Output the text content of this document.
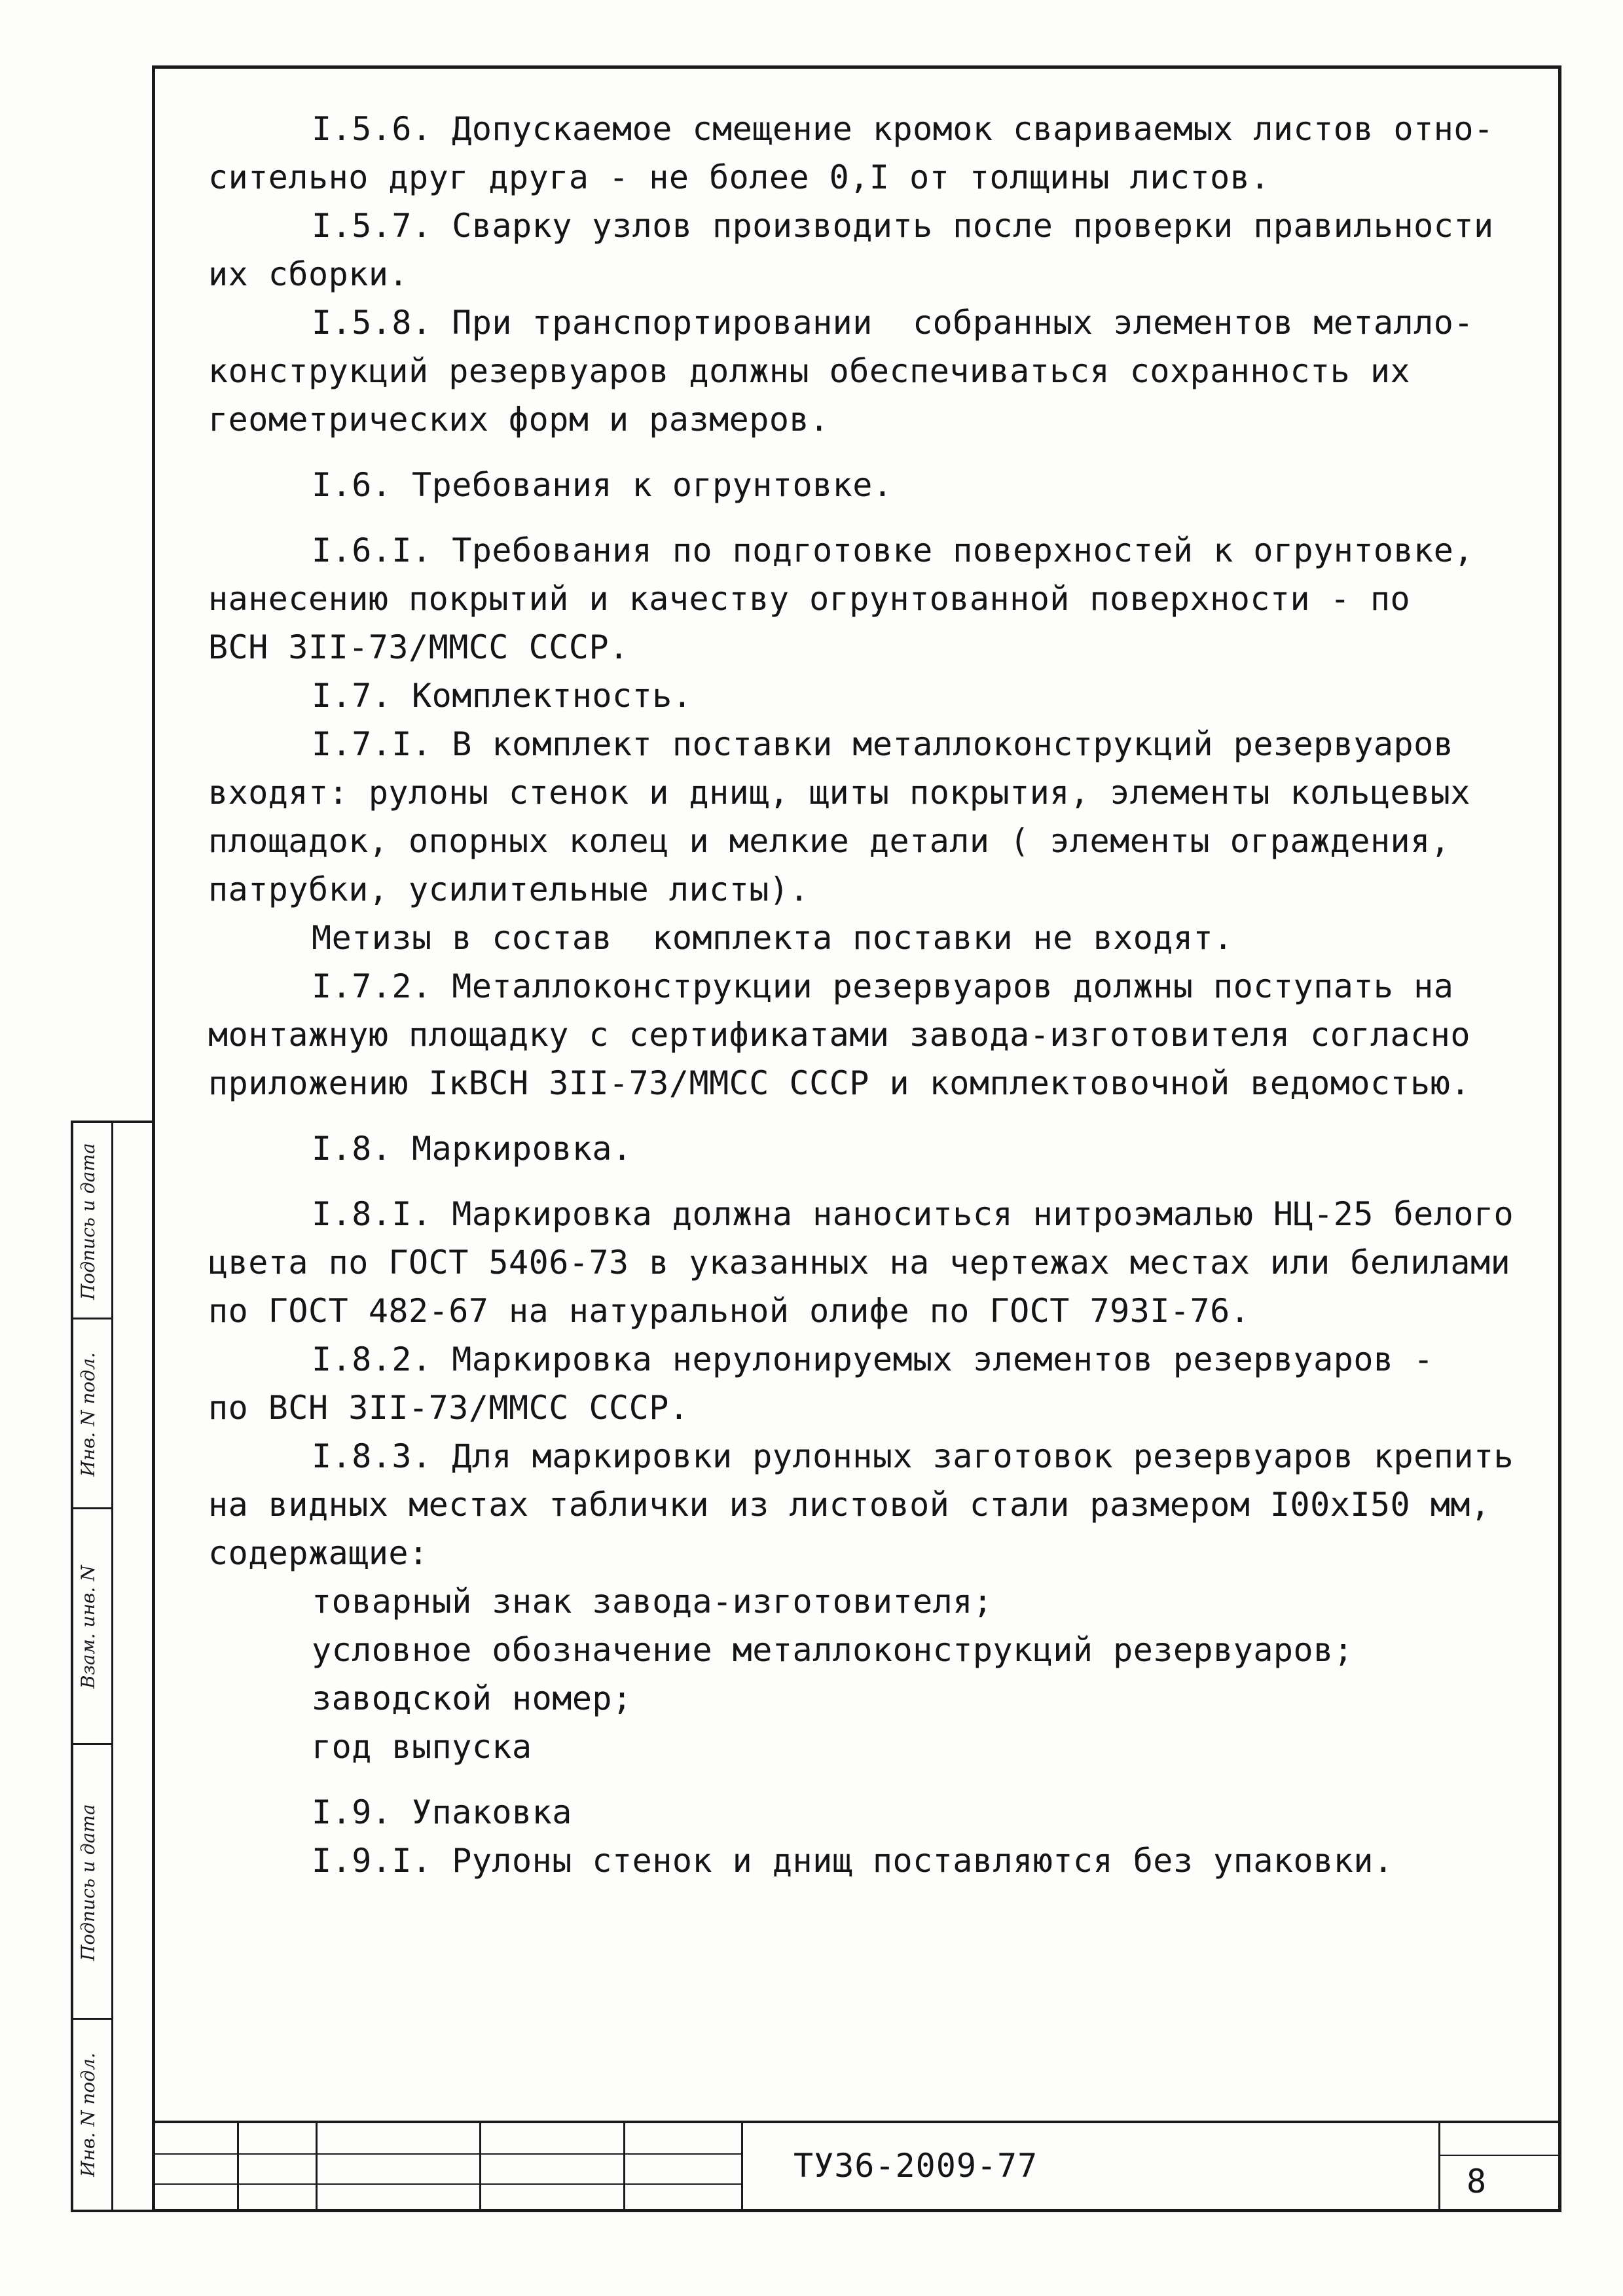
I.5.6. Допускаемое смещение кромок свариваемых листов отно-
сительно друг друга - не более 0,I от толщины листов.
I.5.7. Сварку узлов производить после проверки правильности
их сборки.
I.5.8. При транспортировании  собранных элементов металло-
конструкций резервуаров должны обеспечиваться сохранность их
геометрических форм и размеров.
I.6. Требования к огрунтовке.
I.6.I. Требования по подготовке поверхностей к огрунтовке,
нанесению покрытий и качеству огрунтованной поверхности - по
ВСН 3II-73/ММСС СССР.
I.7. Комплектность.
I.7.I. В комплект поставки металлоконструкций резервуаров
входят: рулоны стенок и днищ, щиты покрытия, элементы кольцевых
площадок, опорных колец и мелкие детали ( элементы ограждения,
патрубки, усилительные листы).
Метизы в состав  комплекта поставки не входят.
I.7.2. Металлоконструкции резервуаров должны поступать на
монтажную площадку с сертификатами завода-изготовителя согласно
приложению IкВСН 3II-73/ММСС СССР и комплектовочной ведомостью.
I.8. Маркировка.
I.8.I. Маркировка должна наноситься нитроэмалью НЦ-25 белого
цвета по ГОСТ 5406-73 в указанных на чертежах местах или белилами
по ГОСТ 482-67 на натуральной олифе по ГОСТ 793I-76.
I.8.2. Маркировка нерулонируемых элементов резервуаров -
по ВСН 3II-73/ММСС СССР.
I.8.3. Для маркировки рулонных заготовок резервуаров крепить
на видных местах таблички из листовой стали размером I00хI50 мм,
содержащие:
товарный знак завода-изготовителя;
условное обозначение металлоконструкций резервуаров;
заводской номер;
год выпуска
I.9. Упаковка
I.9.I. Рулоны стенок и днищ поставляются без упаковки.
Подпись и дата
Инв. N подл.
Взам. инв. N
Подпись и дата
Инв. N подл.	ТУ36-2009-77	8
